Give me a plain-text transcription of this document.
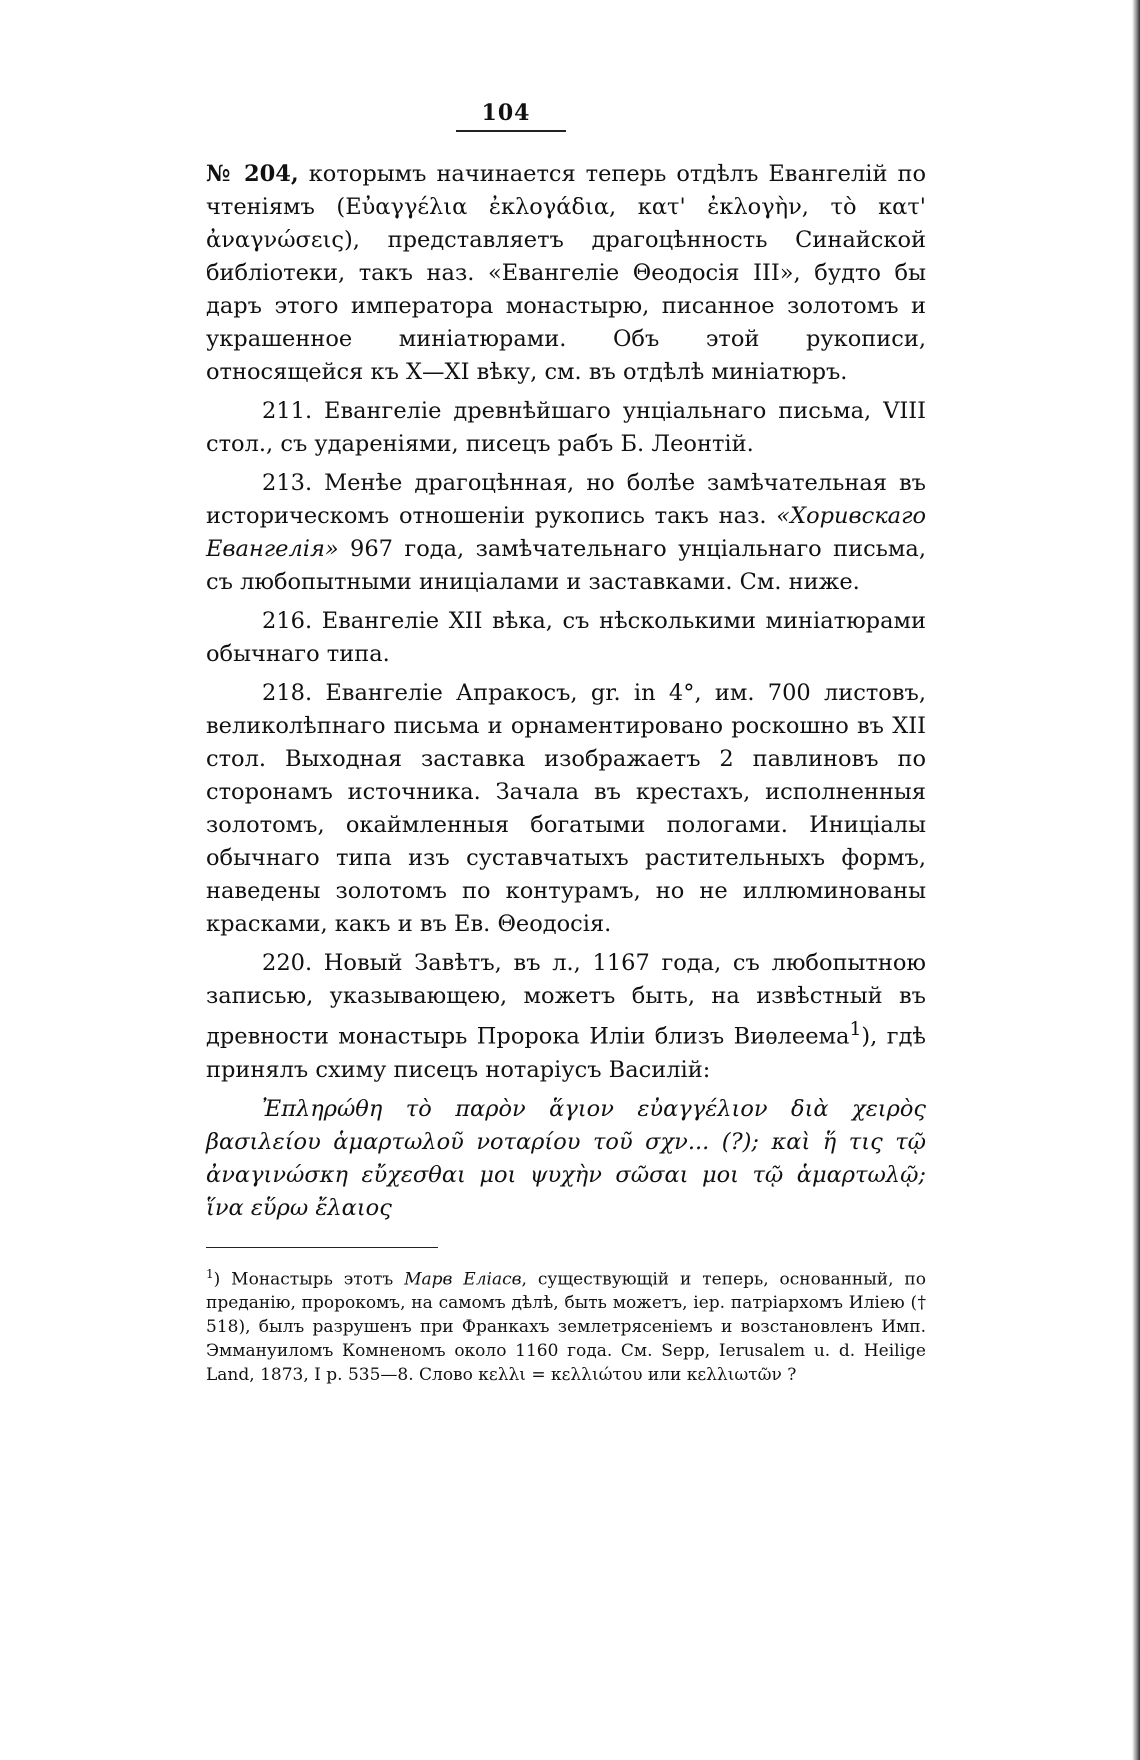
104

№ 204, которымъ начинается теперь отдѣлъ Евангелій по чтеніямъ (Εὐαγγέλια ἐκλογάδια, κατ' ἐκλογὴν, τὸ κατ' ἀναγνώσεις), представляетъ драгоцѣнность Синайской библіотеки, такъ наз. «Евангеліе Θеодосія III», будто бы даръ этого императора монастырю, писанное золотомъ и украшенное миніатюрами. Объ этой рукописи, относящейся къ X—XI вѣку, см. въ отдѣлѣ миніатюръ.

211. Евангеліе древнѣйшаго унціальнаго письма, VIII стол., съ удареніями, писецъ рабъ Б. Леонтій.

213. Менѣе драгоцѣнная, но болѣе замѣчательная въ историческомъ отношеніи рукопись такъ наз. «Хоривскаго Евангелія» 967 года, замѣчательнаго унціальнаго письма, съ любопытными иниціалами и заставками. См. ниже.

216. Евангеліе XII вѣка, съ нѣсколькими миніатюрами обычнаго типа.

218. Евангеліе Апракосъ, gr. in 4°, им. 700 листовъ, великолѣпнаго письма и орнаментировано роскошно въ XII стол. Выходная заставка изображаетъ 2 павлиновъ по сторонамъ источника. Зачала въ крестахъ, исполненныя золотомъ, окаймленныя богатыми пологами. Иниціалы обычнаго типа изъ суставчатыхъ растительныхъ формъ, наведены золотомъ по контурамъ, но не иллюминованы красками, какъ и въ Ев. Θеодосія.

220. Новый Завѣтъ, въ л., 1167 года, съ любопытною записью, указывающею, можетъ быть, на извѣстный въ древности монастырь Пророка Иліи близъ Виѳлеема$^1$), гдѣ принялъ схиму писецъ нотаріусъ Василій:

Ἐπληρώθη τὸ παρὸν ἅγιον εὐαγγέλιον διὰ χειρὸς βασιλείου ἁμαρτωλοῦ νοταρίου τοῦ σχν... (?); καὶ ἥ τις τῷ ἀναγινώσκη εὔχεσθαι μοι ψυχὴν σῶσαι μοι τῷ ἁμαρτωλῷ; ἵνα εὕρω ἔλαιος

$^1$) Монастырь этотъ Марв Еліасв, существующій и теперь, основанный, по преданію, пророкомъ, на самомъ дѣлѣ, быть можетъ, іер. патріархомъ Иліею († 518), былъ разрушенъ при Франкахъ землетрясеніемъ и возстановленъ Имп. Эммануиломъ Комненомъ около 1160 года. См. Sepp, Ierusalem u. d. Heilige Land, 1873, I p. 535—8. Слово κελλι = κελλιώτου или κελλιωτῶν ?
